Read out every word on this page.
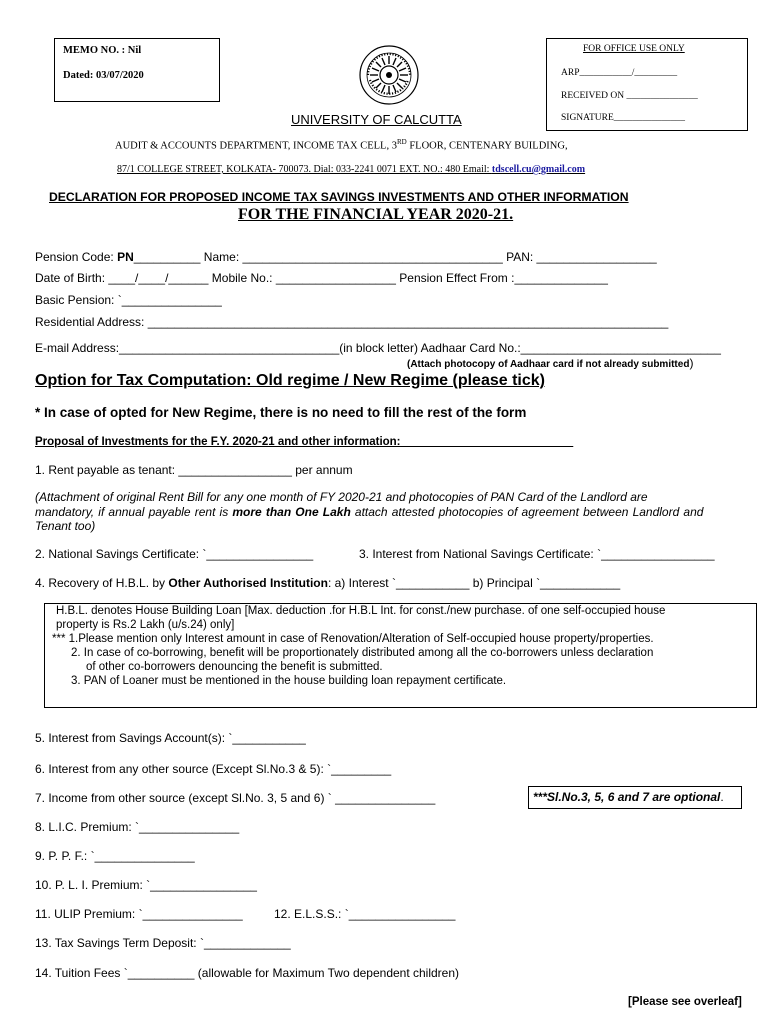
MEMO NO. : Nil
Dated: 03/07/2020
FOR OFFICE USE ONLY
ARP___________/_________
RECEIVED ON _______________
SIGNATURE_______________
UNIVERSITY OF CALCUTTA
AUDIT & ACCOUNTS DEPARTMENT, INCOME TAX CELL, 3RD FLOOR, CENTENARY BUILDING,
87/1 COLLEGE STREET, KOLKATA- 700073. Dial: 033-2241 0071 EXT. NO.: 480 Email: tdscell.cu@gmail.com
DECLARATION FOR PROPOSED INCOME TAX SAVINGS INVESTMENTS AND OTHER INFORMATION
FOR THE FINANCIAL YEAR 2020-21.
Pension Code: PN__________ Name: _______________________________________ PAN: __________________
Date of Birth: ____/____/______ Mobile No.: __________________ Pension Effect From :______________
Basic Pension: `_______________
Residential Address: ______________________________________________________________________________
E-mail Address:_________________________________(in block letter) Aadhaar Card No.:______________________________
(Attach photocopy of Aadhaar card if not already submitted)
Option for Tax Computation: Old regime / New Regime (please tick)
* In case of opted for New Regime, there is no need to fill the rest of the form
Proposal of Investments for the F.Y. 2020-21 and other information:___________________________
1. Rent payable as tenant: _________________ per annum
(Attachment of original Rent Bill for any one month of FY 2020-21 and photocopies of PAN Card of the Landlord are
mandatory, if annual payable rent is more than One Lakh attach attested photocopies of agreement between Landlord and
Tenant too)
2. National Savings Certificate: `________________	3. Interest from National Savings Certificate: `_________________
4. Recovery of H.B.L. by Other Authorised Institution: a) Interest `___________ b) Principal `____________
H.B.L. denotes House Building Loan [Max. deduction .for H.B.L Int. for const./new purchase. of one self-occupied house
property is Rs.2 Lakh (u/s.24) only]
*** 1.Please mention only Interest amount in case of Renovation/Alteration of Self-occupied house property/properties.
2. In case of co-borrowing, benefit will be proportionately distributed among all the co-borrowers unless declaration
of other co-borrowers denouncing the benefit is submitted.
3. PAN of Loaner must be mentioned in the house building loan repayment certificate.
5. Interest from Savings Account(s): `___________
6. Interest from any other source (Except Sl.No.3 & 5): `_________
7. Income from other source (except Sl.No. 3, 5 and 6) ` _______________	***Sl.No.3, 5, 6 and 7 are optional.
8. L.I.C. Premium: `_______________
9. P. P. F.: `_______________
10. P. L. I. Premium: `________________
11. ULIP Premium: `_______________	12. E.L.S.S.: `________________
13. Tax Savings Term Deposit: `_____________
14. Tuition Fees `__________ (allowable for Maximum Two dependent children)
[Please see overleaf]
